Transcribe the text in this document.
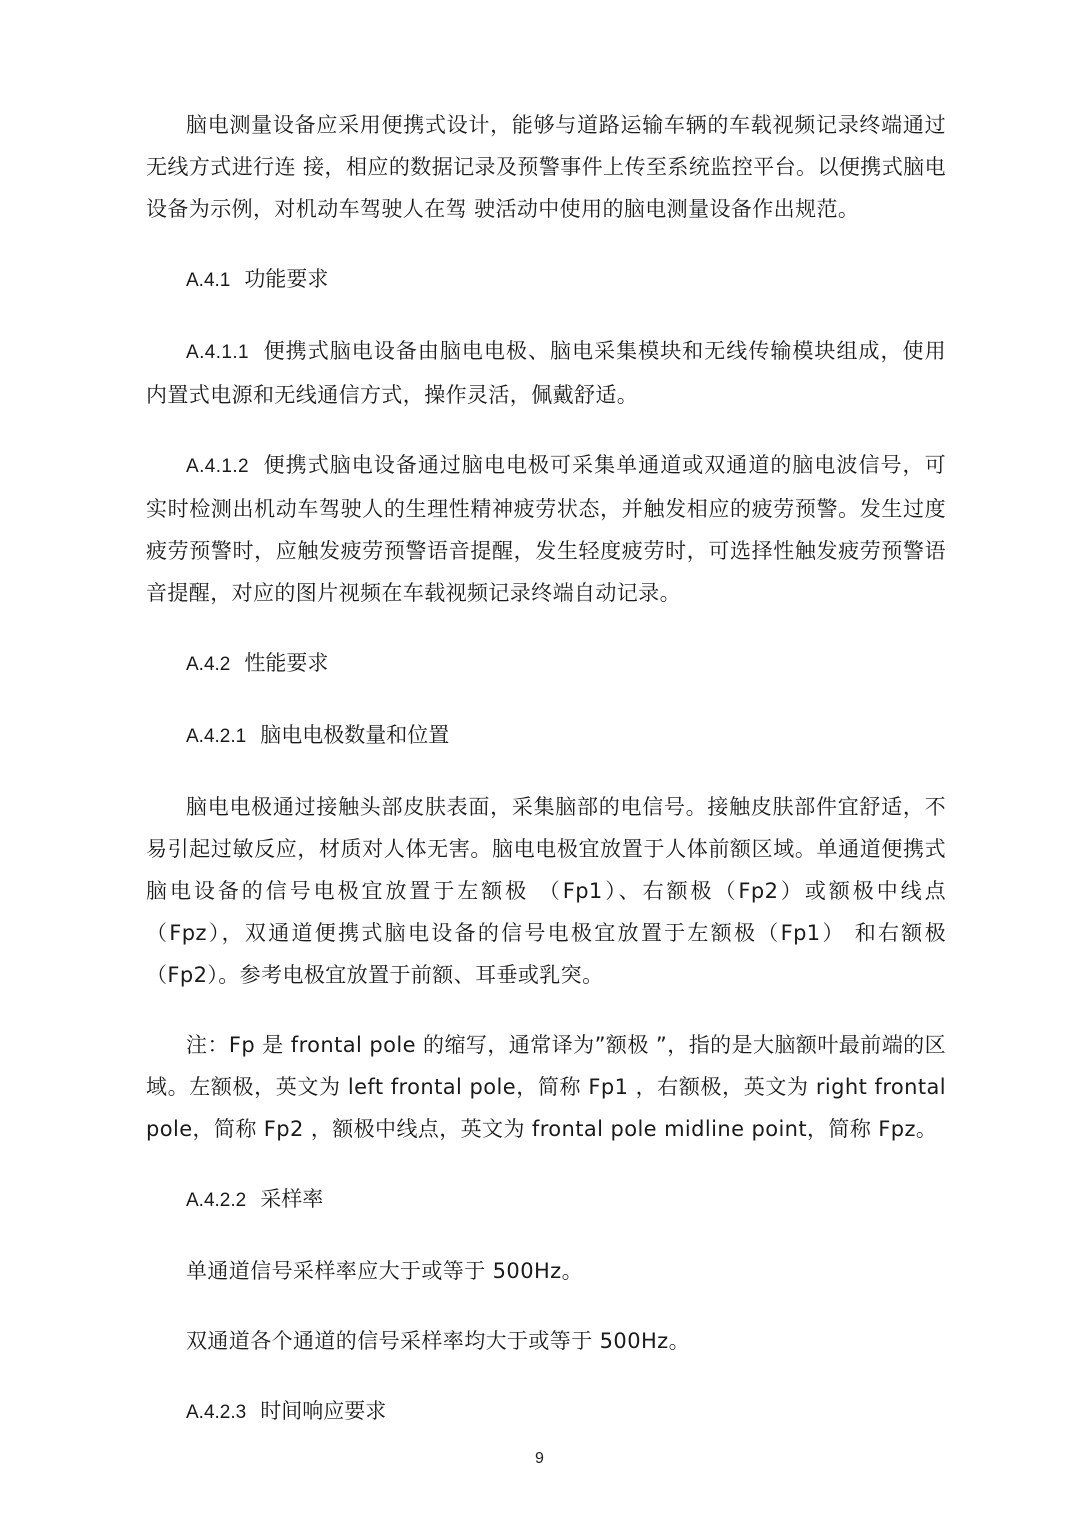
脑电测量设备应采用便携式设计，能够与道路运输车辆的车载视频记录终端通过无线方式进行连 接，相应的数据记录及预警事件上传至系统监控平台。以便携式脑电设备为示例，对机动车驾驶人在驾 驶活动中使用的脑电测量设备作出规范。

A.4.1 功能要求

A.4.1.1 便携式脑电设备由脑电电极、脑电采集模块和无线传输模块组成，使用内置式电源和无线通信方式，操作灵活，佩戴舒适。

A.4.1.2 便携式脑电设备通过脑电电极可采集单通道或双通道的脑电波信号，可实时检测出机动车驾驶人的生理性精神疲劳状态，并触发相应的疲劳预警。发生过度疲劳预警时，应触发疲劳预警语音提醒，发生轻度疲劳时，可选择性触发疲劳预警语音提醒，对应的图片视频在车载视频记录终端自动记录。

A.4.2 性能要求
A.4.2.1 脑电电极数量和位置

脑电电极通过接触头部皮肤表面，采集脑部的电信号。接触皮肤部件宜舒适，不易引起过敏反应，材质对人体无害。脑电电极宜放置于人体前额区域。单通道便携式脑电设备的信号电极宜放置于左额极 （Fp1）、右额极（Fp2）或额极中线点（Fpz），双通道便携式脑电设备的信号电极宜放置于左额极（Fp1） 和右额极（Fp2）。参考电极宜放置于前额、耳垂或乳突。

注：Fp 是 frontal pole 的缩写，通常译为”额极 ”，指的是大脑额叶最前端的区域。左额极，英文为 left frontal pole，简称 Fp1 ，右额极，英文为 right frontal pole，简称 Fp2 ，额极中线点，英文为 frontal pole midline point，简称 Fpz。

A.4.2.2 采样率

单通道信号采样率应大于或等于 500Hz。

双通道各个通道的信号采样率均大于或等于 500Hz。

A.4.2.3 时间响应要求
9
